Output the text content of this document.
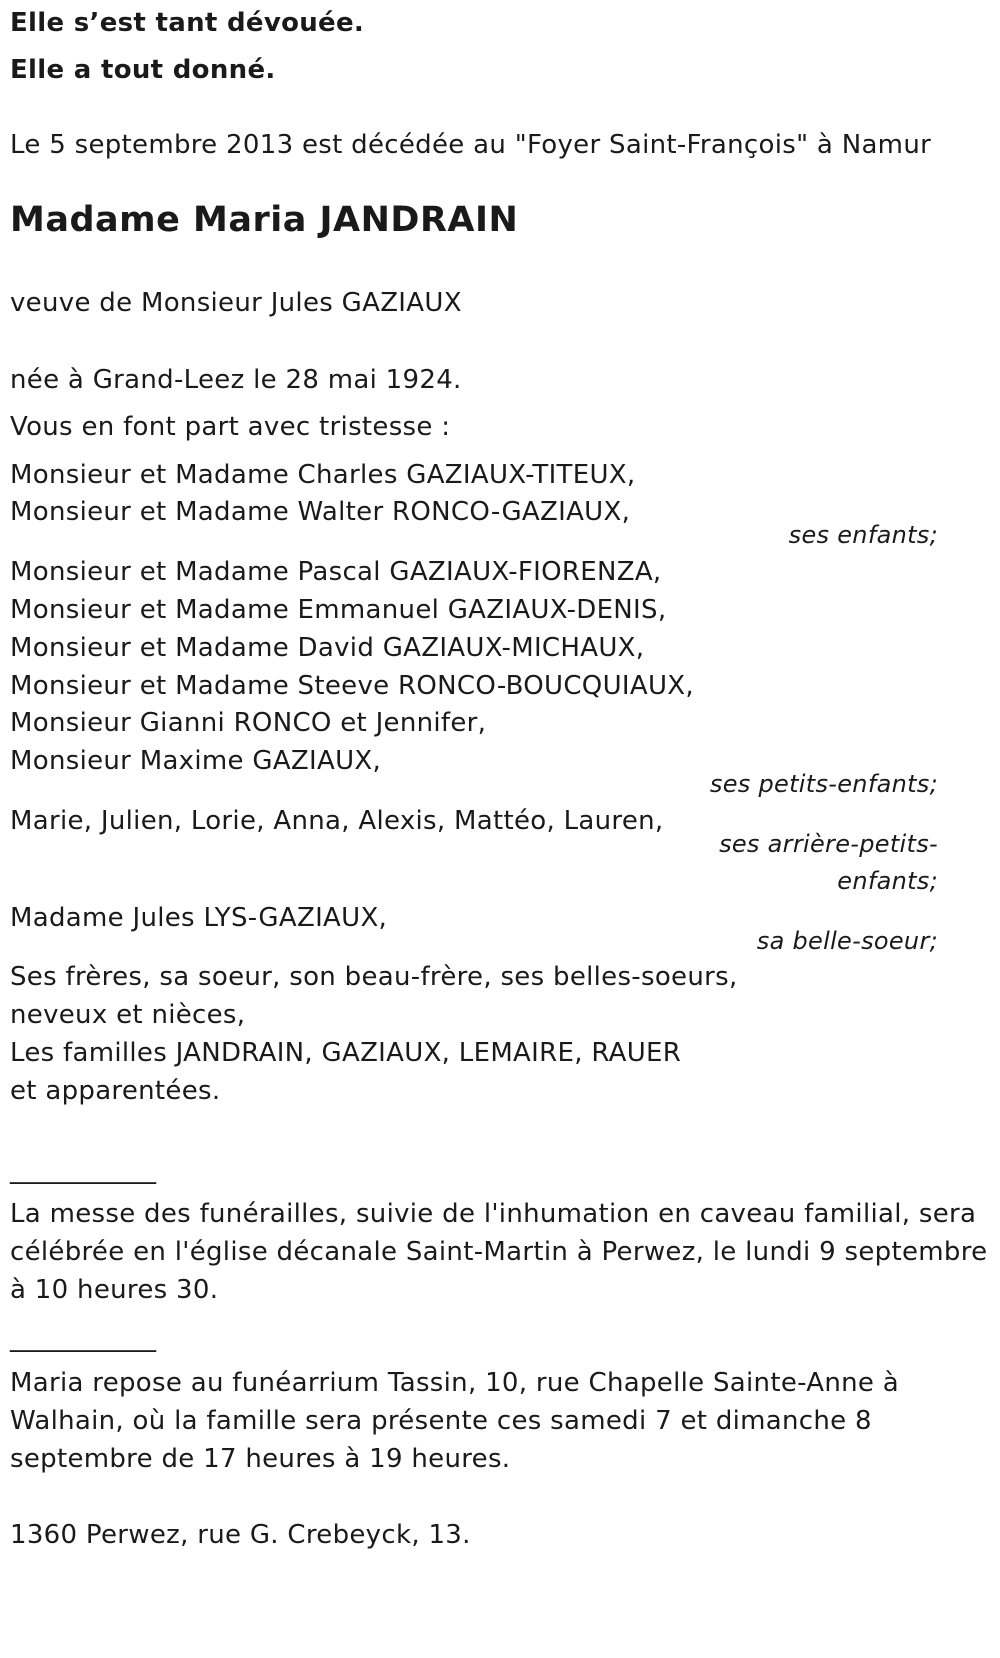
Elle s’est tant dévouée.
Elle a tout donné.
Le 5 septembre 2013 est décédée au "Foyer Saint-François" à Namur
Madame Maria JANDRAIN
veuve de Monsieur Jules GAZIAUX
née à Grand-Leez le 28 mai 1924.
Vous en font part avec tristesse :
Monsieur et Madame Charles GAZIAUX-TITEUX,
Monsieur et Madame Walter RONCO-GAZIAUX,
ses enfants;
Monsieur et Madame Pascal GAZIAUX-FIORENZA,
Monsieur et Madame Emmanuel GAZIAUX-DENIS,
Monsieur et Madame David GAZIAUX-MICHAUX,
Monsieur et Madame Steeve RONCO-BOUCQUIAUX,
Monsieur Gianni RONCO et Jennifer,
Monsieur Maxime GAZIAUX,
ses petits-enfants;
Marie, Julien, Lorie, Anna, Alexis, Mattéo, Lauren,
ses arrière-petits-
enfants;
Madame Jules LYS-GAZIAUX,
sa belle-soeur;
Ses frères, sa soeur, son beau-frère, ses belles-soeurs,
neveux et nièces,
Les familles JANDRAIN, GAZIAUX, LEMAIRE, RAUER
et apparentées.
___________
La messe des funérailles, suivie de l'inhumation en caveau familial, sera
célébrée en l'église décanale Saint-Martin à Perwez, le lundi 9 septembre
à 10 heures 30.
___________
Maria repose au funéarrium Tassin, 10, rue Chapelle Sainte-Anne à
Walhain, où la famille sera présente ces samedi 7 et dimanche 8
septembre de 17 heures à 19 heures.
1360 Perwez, rue G. Crebeyck, 13.
